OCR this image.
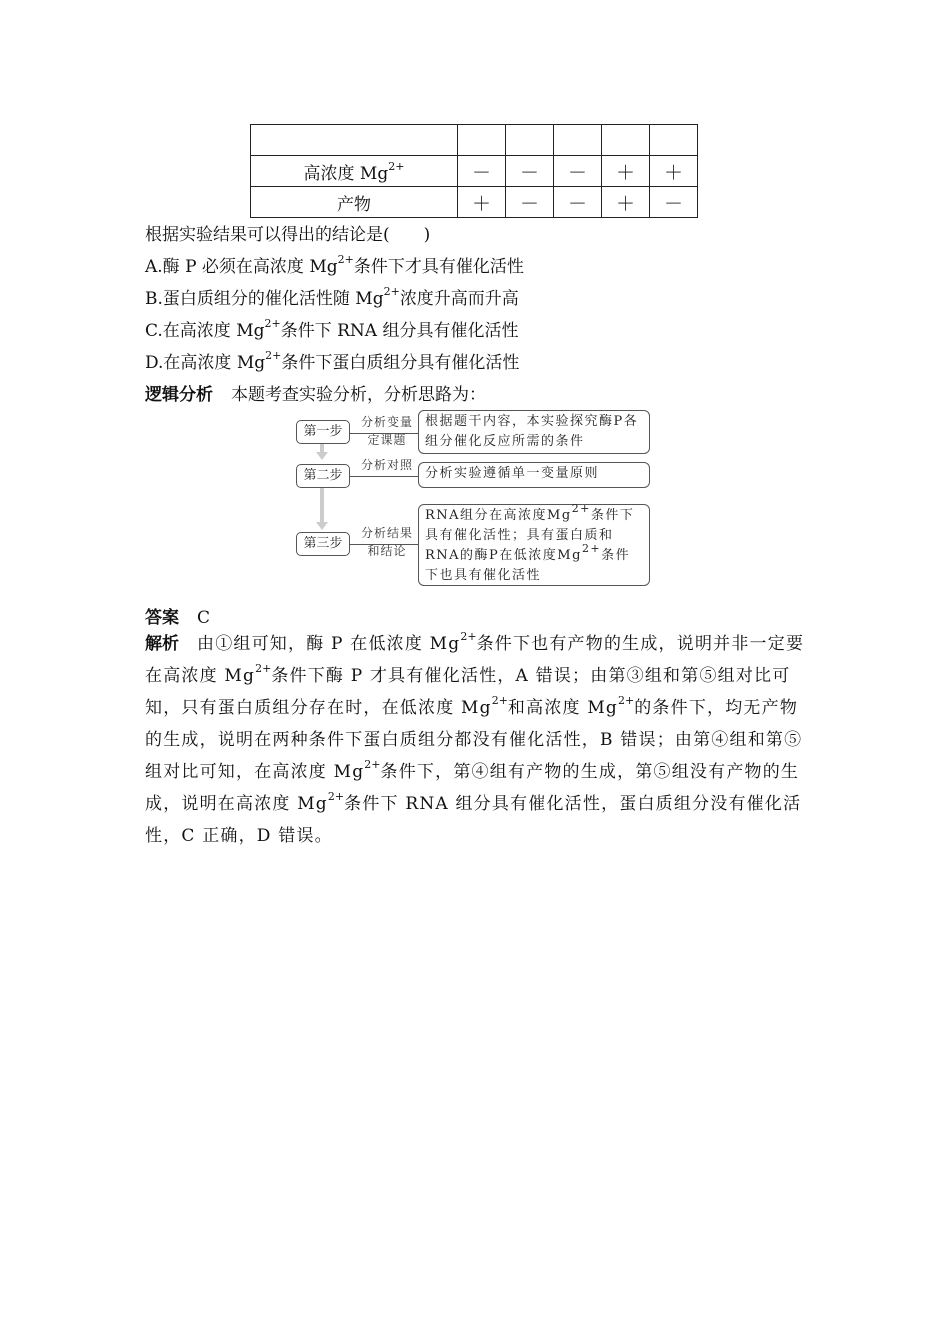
高浓度 $Mg^{2+}$	－	－	－	＋	＋
产物	＋	－	－	＋	－
根据实验结果可以得出的结论是(　　)
A.酶 P 必须在高浓度 $Mg^{2+}$条件下才具有催化活性
B.蛋白质组分的催化活性随 $Mg^{2+}$浓度升高而升高
C.在高浓度 $Mg^{2+}$条件下 RNA 组分具有催化活性
D.在高浓度 $Mg^{2+}$条件下蛋白质组分具有催化活性
逻辑分析 本题考查实验分析，分析思路为：
第一步
分析变量
定课题
根据题干内容，本实验探究酶P各组分催化反应所需的条件
第二步
分析对照
分析实验遵循单一变量原则
第三步
分析结果
和结论
RNA组分在高浓度$Mg^{2+}$条件下具有催化活性；具有蛋白质和RNA的酶P在低浓度$Mg^{2+}$条件下也具有催化活性
答案 C
解析 由①组可知，酶 P 在低浓度 $Mg^{2+}$条件下也有产物的生成，说明并非一定要在高浓度 $Mg^{2+}$条件下酶 P 才具有催化活性，A 错误；由第③组和第⑤组对比可知，只有蛋白质组分存在时，在低浓度 $Mg^{2+}$和高浓度 $Mg^{2+}$的条件下，均无产物的生成，说明在两种条件下蛋白质组分都没有催化活性，B 错误；由第④组和第⑤组对比可知，在高浓度 $Mg^{2+}$条件下，第④组有产物的生成，第⑤组没有产物的生成，说明在高浓度 $Mg^{2+}$条件下 RNA 组分具有催化活性，蛋白质组分没有催化活性，C 正确，D 错误。
